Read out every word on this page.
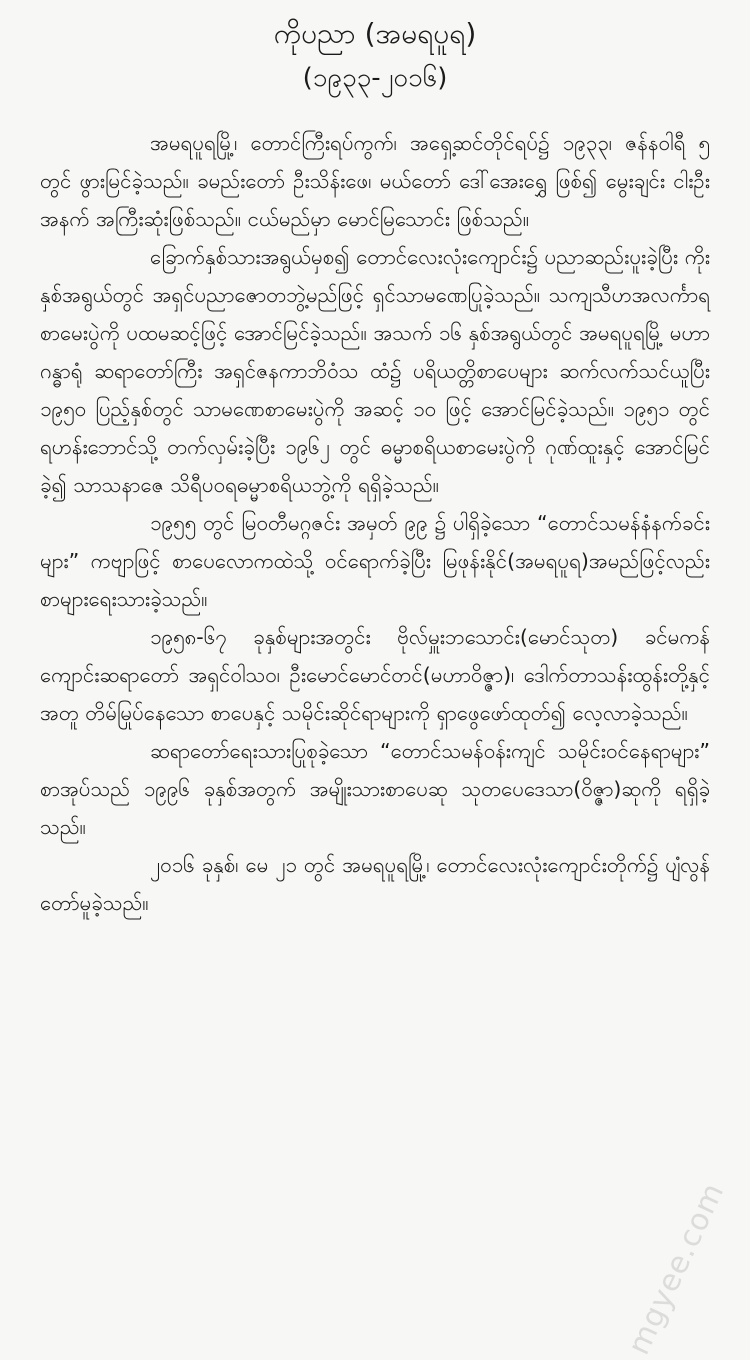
ကိုပညာ (အမရပူရ)
(၁၉၃၃-၂၀၁၆)

အမရပူရမြို့၊ တောင်ကြီးရပ်ကွက်၊ အရှေ့ဆင်တိုင်ရပ်၌ ၁၉၃၃၊ ဇန်နဝါရီ ၅ တွင် ဖွားမြင်ခဲ့သည်။ ခမည်းတော် ဦးသိန်းဖေ၊ မယ်တော် ဒေါ်အေးရွှေ ဖြစ်၍ မွေးချင်း ငါးဦးအနက် အကြီးဆုံးဖြစ်သည်။ ငယ်မည်မှာ မောင်မြသောင်း ဖြစ်သည်။

ခြောက်နှစ်သားအရွယ်မှစ၍ တောင်လေးလုံးကျောင်း၌ ပညာဆည်းပူးခဲ့ပြီး ကိုးနှစ်အရွယ်တွင် အရှင်ပညာဇောတဘွဲ့မည်ဖြင့် ရှင်သာမဏေပြုခဲ့သည်။ သကျသီဟအလင်္ကာရ စာမေးပွဲကို ပထမဆင့်ဖြင့် အောင်မြင်ခဲ့သည်။ အသက် ၁၆ နှစ်အရွယ်တွင် အမရပူရမြို့ မဟာဂန္ဓာရုံ ဆရာတော်ကြီး အရှင်ဇနကာဘိဝံသ ထံ၌ ပရိယတ္တိစာပေများ ဆက်လက်သင်ယူပြီး ၁၉၅၀ ပြည့်နှစ်တွင် သာမဏေစာမေးပွဲကို အဆင့် ၁၀ ဖြင့် အောင်မြင်ခဲ့သည်။ ၁၉၅၁ တွင် ရဟန်းဘောင်သို့ တက်လှမ်းခဲ့ပြီး ၁၉၆၂ တွင် ဓမ္မာစရိယစာမေးပွဲကို ဂုဏ်ထူးနှင့် အောင်မြင်ခဲ့၍ သာသနာဇေ သိရီပဝရဓမ္မာစရိယဘွဲ့ကို ရရှိခဲ့သည်။

၁၉၅၅ တွင် မြဝတီမဂ္ဂဇင်း အမှတ် ၉၉ ၌ ပါရှိခဲ့သော “တောင်သမန်နံနက်ခင်းများ” ကဗျာဖြင့် စာပေလောကထဲသို့ ဝင်ရောက်ခဲ့ပြီး မြဖုန်းနိုင်(အမရပူရ)အမည်ဖြင့်လည်း စာများရေးသားခဲ့သည်။

၁၉၅၈-၆၇ ခုနှစ်များအတွင်း ဗိုလ်မှူးဘသောင်း(မောင်သုတ) ခင်မကန်ကျောင်းဆရာတော် အရှင်ဝါသဝ၊ ဦးမောင်မောင်တင်(မဟာဝိဇ္ဇာ)၊ ဒေါက်တာသန်းထွန်းတို့နှင့်အတူ တိမ်မြုပ်နေသော စာပေနှင့် သမိုင်းဆိုင်ရာများကို ရှာဖွေဖော်ထုတ်၍ လေ့လာခဲ့သည်။

ဆရာတော်ရေးသားပြုစုခဲ့သော “တောင်သမန်ဝန်းကျင် သမိုင်းဝင်နေရာများ” စာအုပ်သည် ၁၉၉၆ ခုနှစ်အတွက် အမျိုးသားစာပေဆု သုတပေဒေသာ(ဝိဇ္ဇာ)ဆုကို ရရှိခဲ့သည်။

၂၀၁၆ ခုနှစ်၊ မေ ၂၁ တွင် အမရပူရမြို့၊ တောင်လေးလုံးကျောင်းတိုက်၌ ပျံလွန်တော်မူခဲ့သည်။

mgyee.com
